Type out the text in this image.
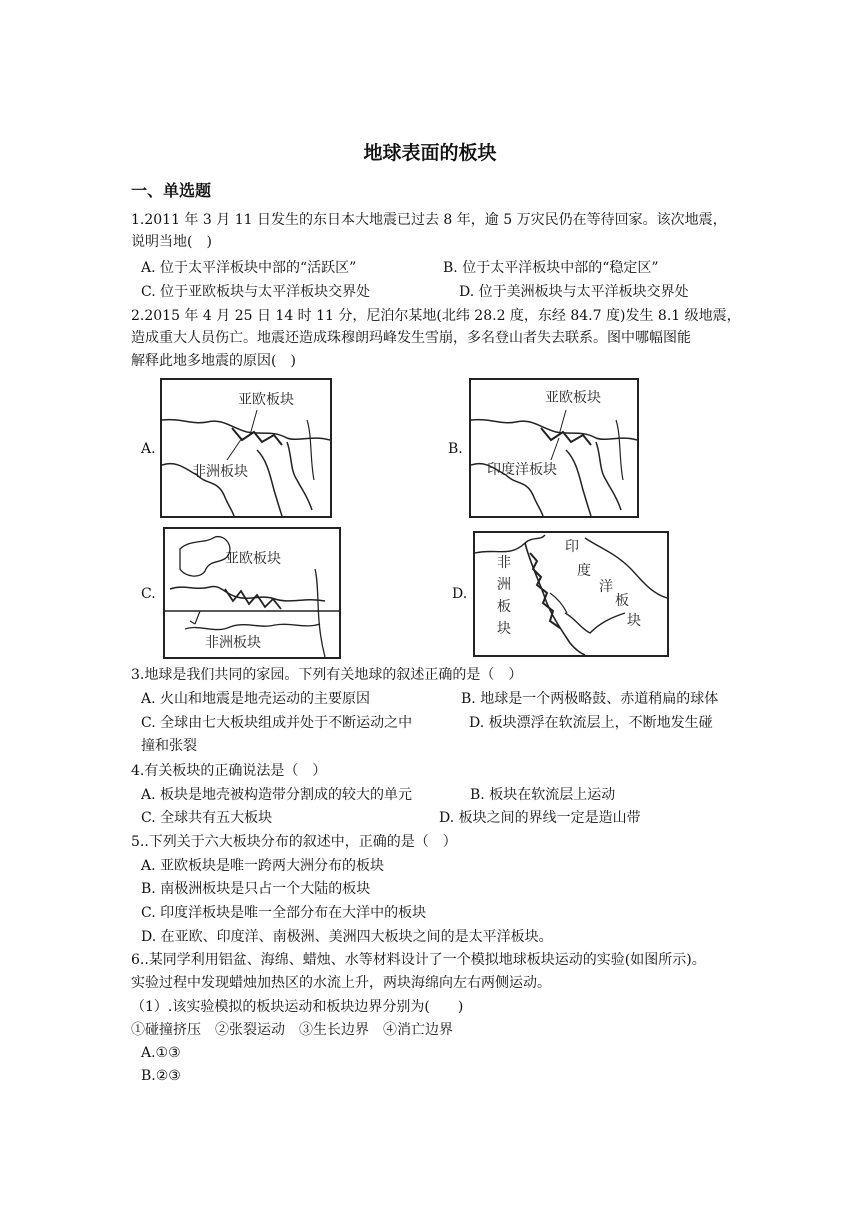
地球表面的板块
一、单选题
1.2011 年 3 月 11 日发生的东日本大地震已过去 8 年，逾 5 万灾民仍在等待回家。该次地震，
说明当地(　)
A. 位于太平洋板块中部的“活跃区”	B. 位于太平洋板块中部的“稳定区”
C. 位于亚欧板块与太平洋板块交界处	D. 位于美洲板块与太平洋板块交界处
2.2015 年 4 月 25 日 14 时 11 分，尼泊尔某地(北纬 28.2 度，东经 84.7 度)发生 8.1 级地震，
造成重大人员伤亡。地震还造成珠穆朗玛峰发生雪崩，多名登山者失去联系。图中哪幅图能
解释此地多地震的原因(　)
A.
亚欧板块
非洲板块
B.
亚欧板块
印度洋板块
C.
亚欧板块
非洲板块
D.
非
洲
板
块
印
度
洋
板
块
3.地球是我们共同的家园。下列有关地球的叙述正确的是（　）
A. 火山和地震是地壳运动的主要原因	B. 地球是一个两极略鼓、赤道稍扁的球体
C. 全球由七大板块组成并处于不断运动之中	D. 板块漂浮在软流层上，不断地发生碰
撞和张裂
4.有关板块的正确说法是（　）
A. 板块是地壳被构造带分割成的较大的单元	B. 板块在软流层上运动
C. 全球共有五大板块	D. 板块之间的界线一定是造山带
5..下列关于六大板块分布的叙述中，正确的是（　）
A. 亚欧板块是唯一跨两大洲分布的板块
B. 南极洲板块是只占一个大陆的板块
C. 印度洋板块是唯一全部分布在大洋中的板块
D. 在亚欧、印度洋、南极洲、美洲四大板块之间的是太平洋板块。
6..某同学利用铝盆、海绵、蜡烛、水等材料设计了一个模拟地球板块运动的实验(如图所示)。
实验过程中发现蜡烛加热区的水流上升，两块海绵向左右两侧运动。
（1）.该实验模拟的板块运动和板块边界分别为(　　)
①碰撞挤压　②张裂运动　③生长边界　④消亡边界
A.①③
B.②③
